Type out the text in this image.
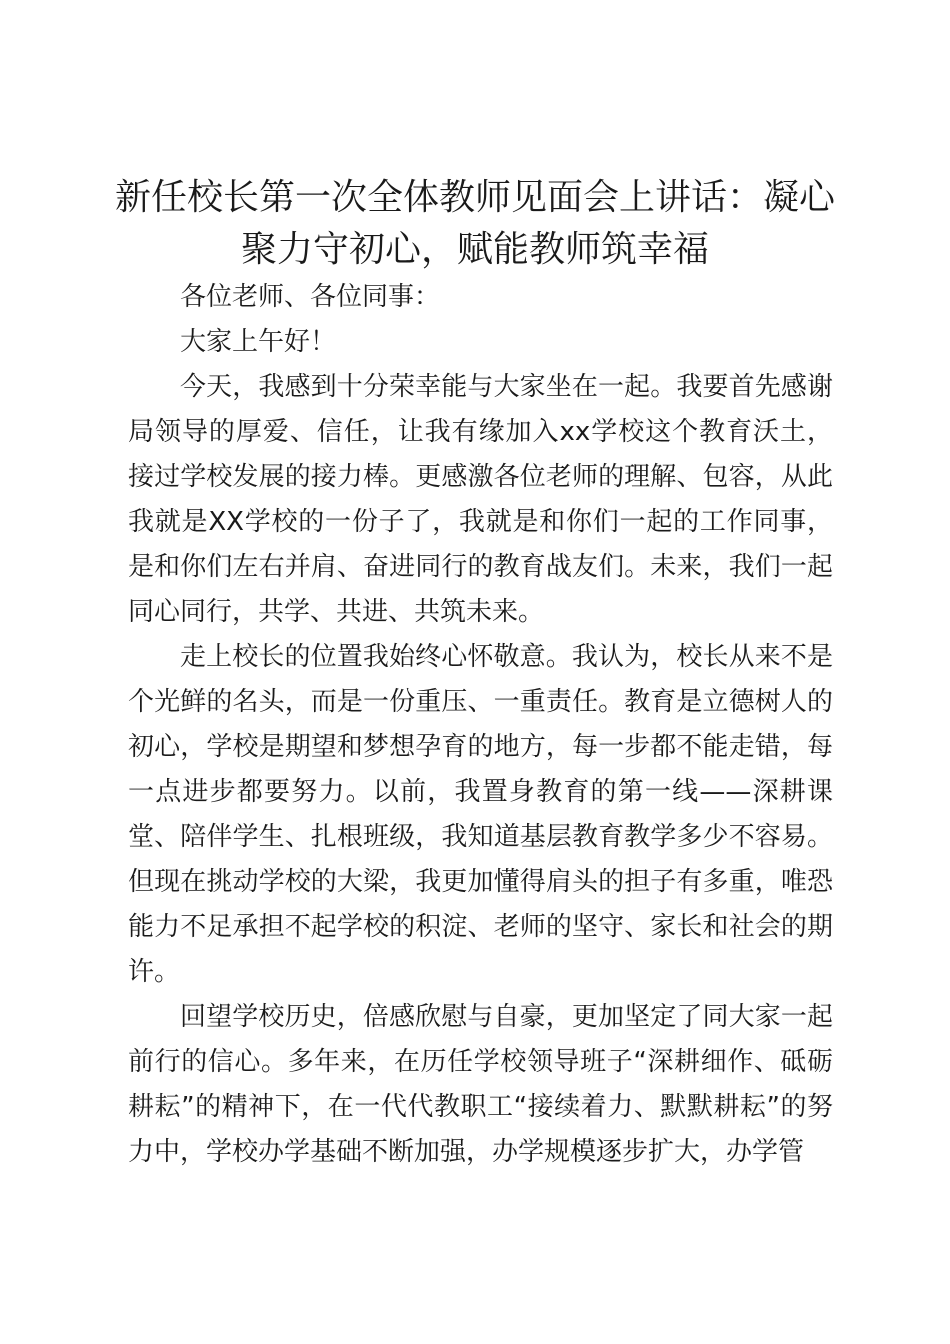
新任校长第一次全体教师见面会上讲话：凝心聚力守初心，赋能教师筑幸福

各位老师、各位同事：

大家上午好！

今天，我感到十分荣幸能与大家坐在一起。我要首先感谢局领导的厚爱、信任，让我有缘加入xx学校这个教育沃土，接过学校发展的接力棒。更感激各位老师的理解、包容，从此我就是XX学校的一份子了，我就是和你们一起的工作同事，是和你们左右并肩、奋进同行的教育战友们。未来，我们一起同心同行，共学、共进、共筑未来。

走上校长的位置我始终心怀敬意。我认为，校长从来不是个光鲜的名头，而是一份重压、一重责任。教育是立德树人的初心，学校是期望和梦想孕育的地方，每一步都不能走错，每一点进步都要努力。以前，我置身教育的第一线——深耕课堂、陪伴学生、扎根班级，我知道基层教育教学多少不容易。但现在挑动学校的大梁，我更加懂得肩头的担子有多重，唯恐能力不足承担不起学校的积淀、老师的坚守、家长和社会的期许。

回望学校历史，倍感欣慰与自豪，更加坚定了同大家一起前行的信心。多年来，在历任学校领导班子“深耕细作、砥砺耕耘”的精神下，在一代代教职工“接续着力、默默耕耘”的努力中，学校办学基础不断加强，办学规模逐步扩大，办学管
